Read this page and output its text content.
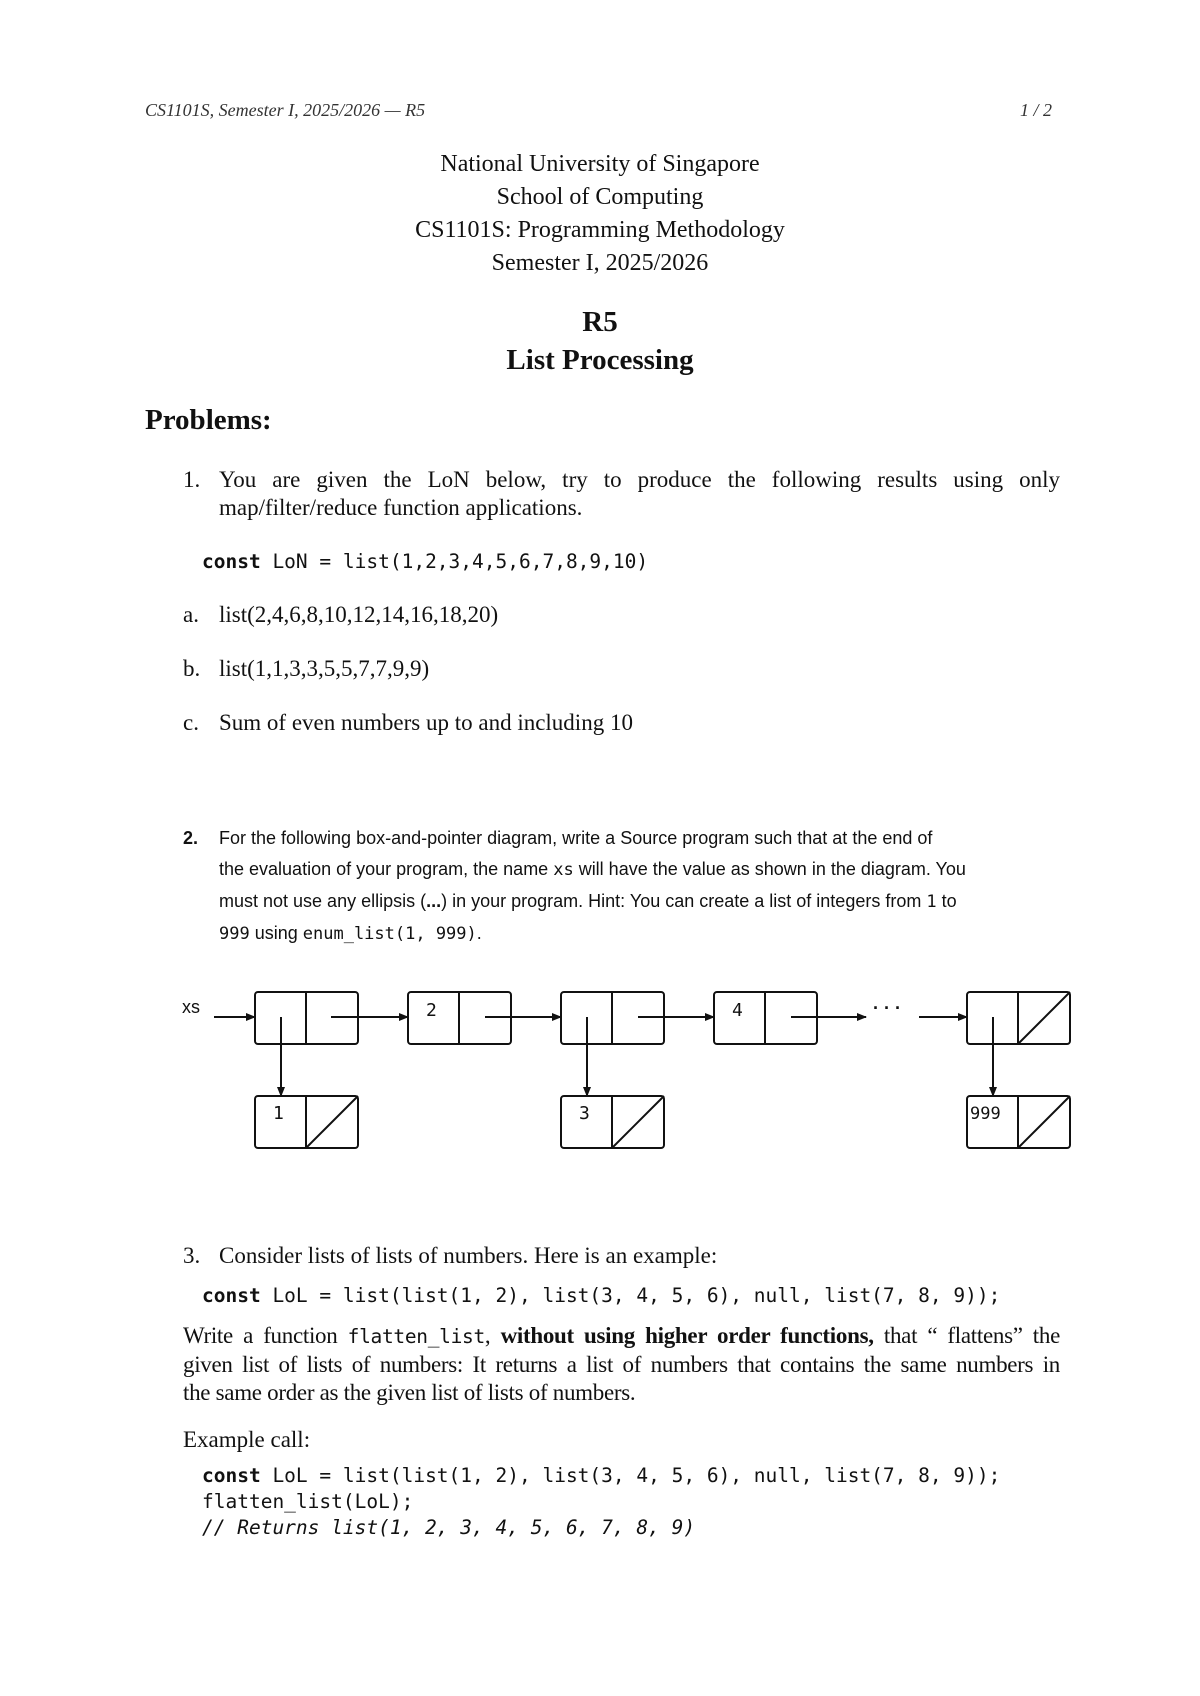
CS1101S, Semester I, 2025/2026 — R5	1 / 2
National University of Singapore
School of Computing
CS1101S: Programming Methodology
Semester I, 2025/2026
R5
List Processing
Problems:
1. You are given the LoN below, try to produce the following results using only
map/filter/reduce function applications.
const LoN = list(1,2,3,4,5,6,7,8,9,10)
a. list(2,4,6,8,10,12,14,16,18,20)
b. list(1,1,3,3,5,5,7,7,9,9)
c. Sum of even numbers up to and including 10
2. For the following box-and-pointer diagram, write a Source program such that at the end of
the evaluation of your program, the name xs will have the value as shown in the diagram. You
must not use any ellipsis (...) in your program. Hint: You can create a list of integers from 1 to
999 using enum_list(1, 999).
xs	2	4	· · ·
1	3	999
3. Consider lists of lists of numbers. Here is an example:
const LoL = list(list(1, 2), list(3, 4, 5, 6), null, list(7, 8, 9));
Write a function flatten_list, without using higher order functions, that “ flattens” the
given list of lists of numbers: It returns a list of numbers that contains the same numbers in
the same order as the given list of lists of numbers.
Example call:
const LoL = list(list(1, 2), list(3, 4, 5, 6), null, list(7, 8, 9));
flatten_list(LoL);
// Returns list(1, 2, 3, 4, 5, 6, 7, 8, 9)
